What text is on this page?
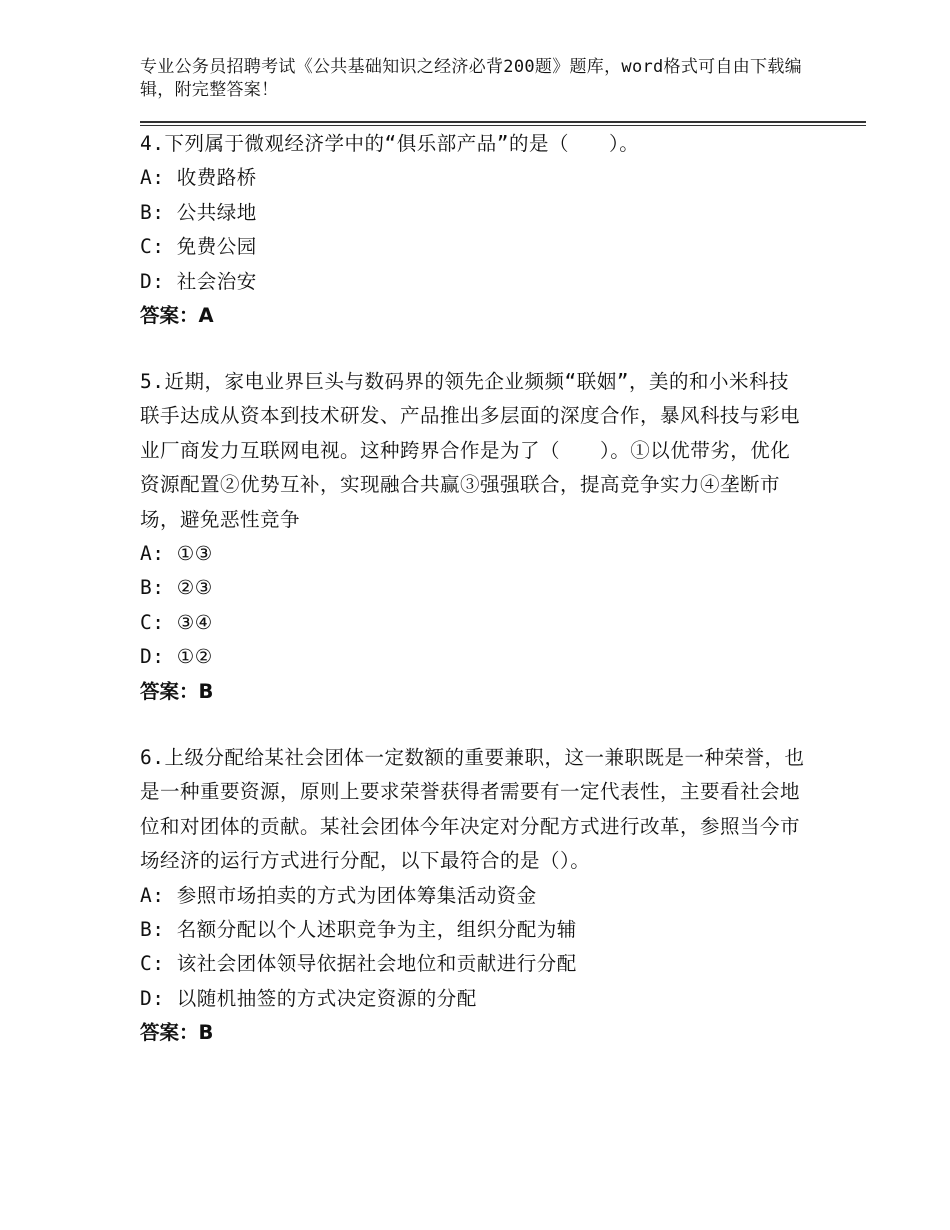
专业公务员招聘考试《公共基础知识之经济必背200题》题库，word格式可自由下载编辑，附完整答案！
4.下列属于微观经济学中的“俱乐部产品”的是（　　）。
A: 收费路桥
B: 公共绿地
C: 免费公园
D: 社会治安
答案：A
5.近期，家电业界巨头与数码界的领先企业频频“联姻”，美的和小米科技联手达成从资本到技术研发、产品推出多层面的深度合作，暴风科技与彩电业厂商发力互联网电视。这种跨界合作是为了（　　）。①以优带劣，优化资源配置②优势互补，实现融合共赢③强强联合，提高竞争实力④垄断市场，避免恶性竞争
A: ①③
B: ②③
C: ③④
D: ①②
答案：B
6.上级分配给某社会团体一定数额的重要兼职，这一兼职既是一种荣誉，也是一种重要资源，原则上要求荣誉获得者需要有一定代表性，主要看社会地位和对团体的贡献。某社会团体今年决定对分配方式进行改革，参照当今市场经济的运行方式进行分配，以下最符合的是（）。
A: 参照市场拍卖的方式为团体筹集活动资金
B: 名额分配以个人述职竞争为主，组织分配为辅
C: 该社会团体领导依据社会地位和贡献进行分配
D: 以随机抽签的方式决定资源的分配
答案：B
